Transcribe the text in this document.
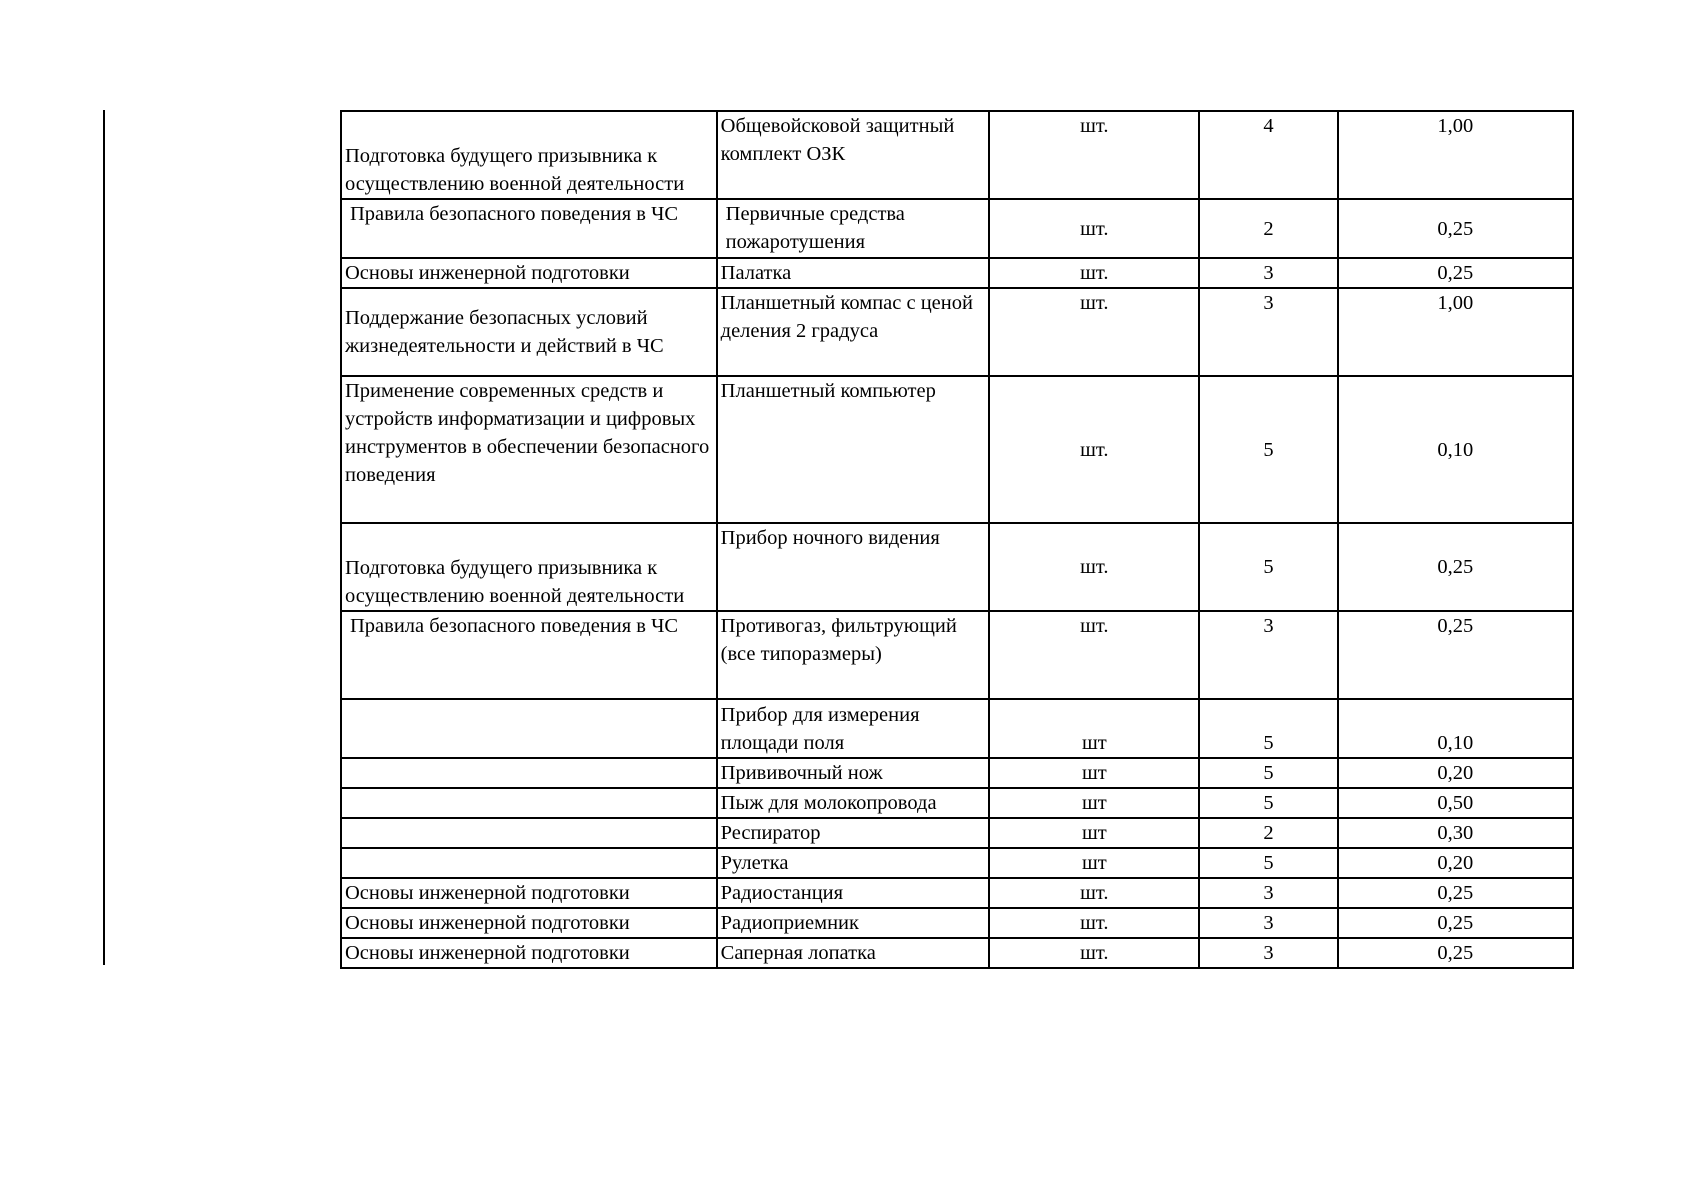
Подготовка будущего призывника к осуществлению военной деятельности	Общевойсковой защитный комплект ОЗК	шт.	4	1,00
Правила безопасного поведения в ЧС	Первичные средства пожаротушения	шт.	2	0,25
Основы инженерной подготовки	Палатка	шт.	3	0,25
Поддержание безопасных условий жизнедеятельности и действий в ЧС	Планшетный компас с ценой деления 2 градуса	шт.	3	1,00
Применение современных средств и устройств информатизации и цифровых инструментов в обеспечении безопасного поведения	Планшетный компьютер	шт.	5	0,10
Подготовка будущего призывника к осуществлению военной деятельности	Прибор ночного видения	шт.	5	0,25
Правила безопасного поведения в ЧС	Противогаз, фильтрующий (все типоразмеры)	шт.	3	0,25
	Прибор для измерения площади поля	шт	5	0,10
	Прививочный нож	шт	5	0,20
	Пыж для молокопровода	шт	5	0,50
	Респиратор	шт	2	0,30
	Рулетка	шт	5	0,20
Основы инженерной подготовки	Радиостанция	шт.	3	0,25
Основы инженерной подготовки	Радиоприемник	шт.	3	0,25
Основы инженерной подготовки	Саперная лопатка	шт.	3	0,25
